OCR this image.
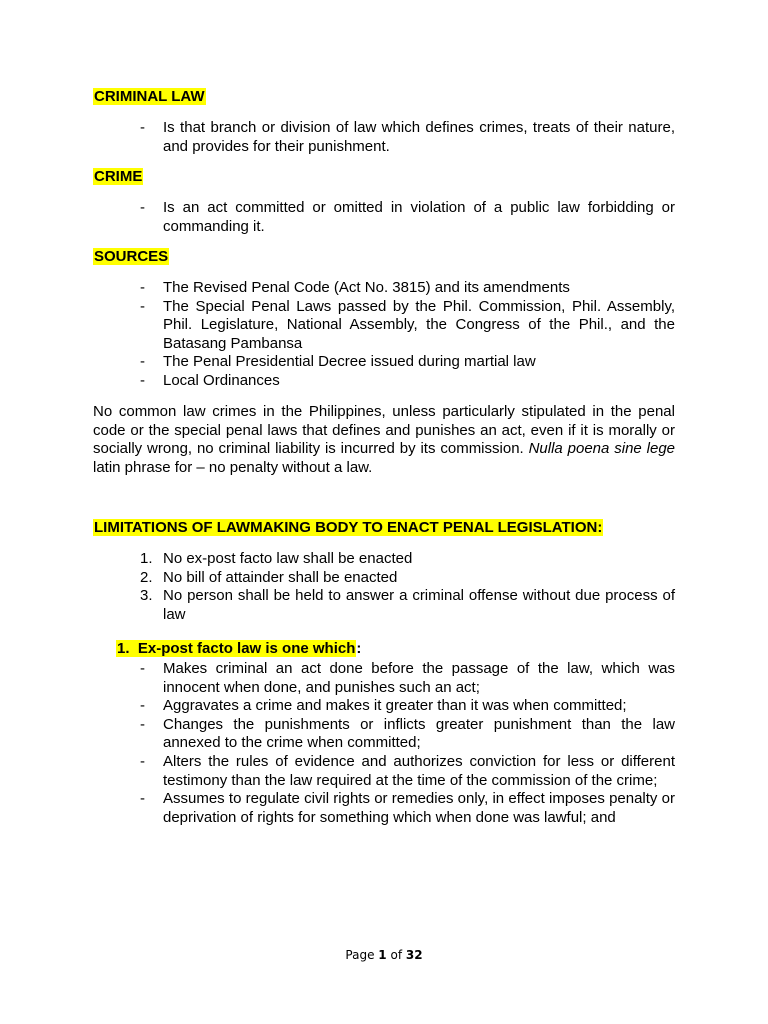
CRIMINAL LAW
- Is that branch or division of law which defines crimes, treats of their nature, and provides for their punishment.
CRIME
- Is an act committed or omitted in violation of a public law forbidding or commanding it.
SOURCES
- The Revised Penal Code (Act No. 3815) and its amendments
- The Special Penal Laws passed by the Phil. Commission, Phil. Assembly, Phil. Legislature, National Assembly, the Congress of the Phil., and the Batasang Pambansa
- The Penal Presidential Decree issued during martial law
- Local Ordinances
No common law crimes in the Philippines, unless particularly stipulated in the penal code or the special penal laws that defines and punishes an act, even if it is morally or socially wrong, no criminal liability is incurred by its commission. Nulla poena sine lege latin phrase for – no penalty without a law.
LIMITATIONS OF LAWMAKING BODY TO ENACT PENAL LEGISLATION:
1. No ex-post facto law shall be enacted
2. No bill of attainder shall be enacted
3. No person shall be held to answer a criminal offense without due process of law
1. Ex-post facto law is one which:
- Makes criminal an act done before the passage of the law, which was innocent when done, and punishes such an act;
- Aggravates a crime and makes it greater than it was when committed;
- Changes the punishments or inflicts greater punishment than the law annexed to the crime when committed;
- Alters the rules of evidence and authorizes conviction for less or different testimony than the law required at the time of the commission of the crime;
- Assumes to regulate civil rights or remedies only, in effect imposes penalty or deprivation of rights for something which when done was lawful; and
Page 1 of 32
